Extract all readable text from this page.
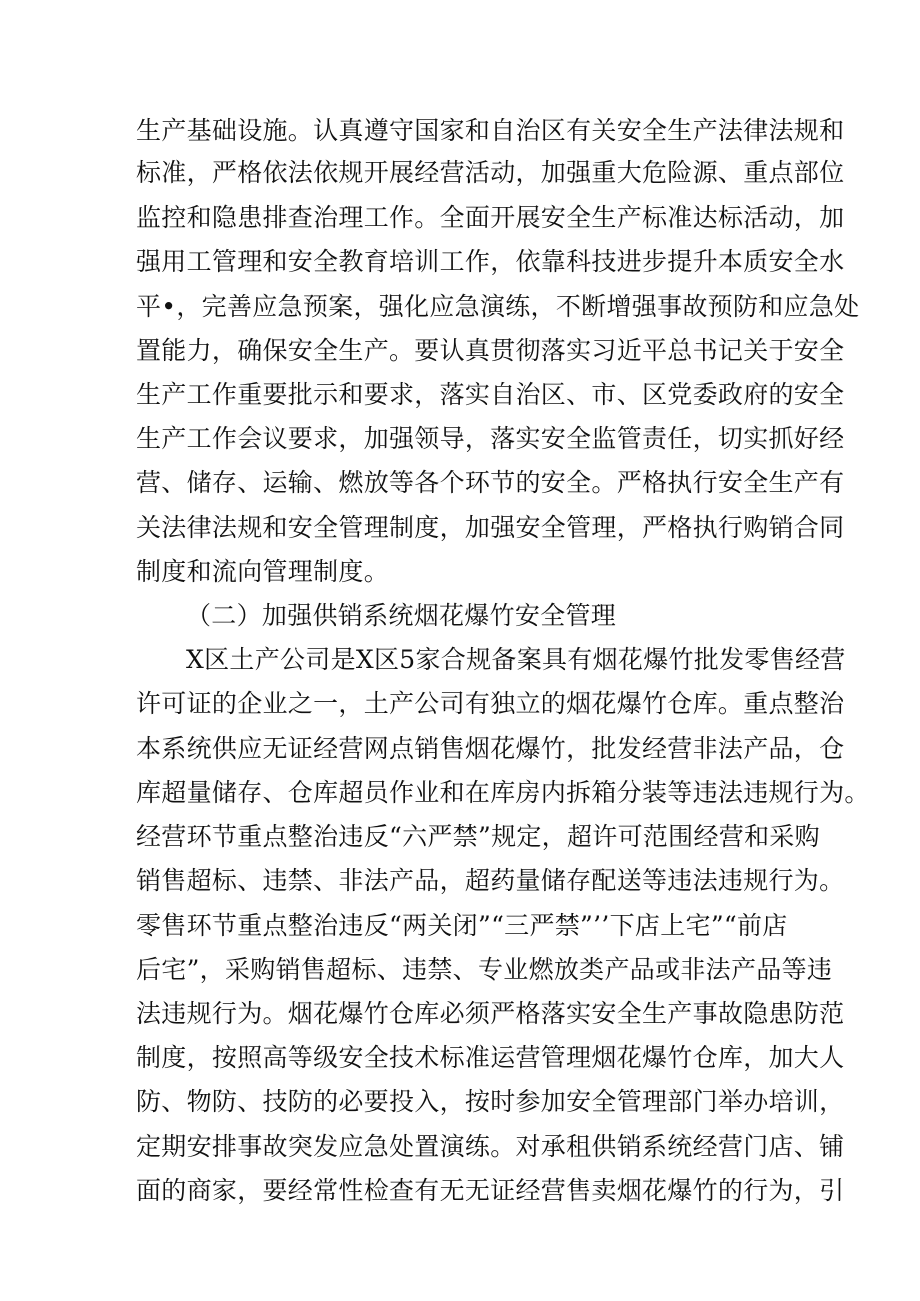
生产基础设施。认真遵守国家和自治区有关安全生产法律法规和
标准，严格依法依规开展经营活动，加强重大危险源、重点部位
监控和隐患排查治理工作。全面开展安全生产标准达标活动，加
强用工管理和安全教育培训工作，依靠科技进步提升本质安全水
平•，完善应急预案，强化应急演练，不断增强事故预防和应急处
置能力，确保安全生产。要认真贯彻落实习近平总书记关于安全
生产工作重要批示和要求，落实自治区、市、区党委政府的安全
生产工作会议要求，加强领导，落实安全监管责任，切实抓好经
营、储存、运输、燃放等各个环节的安全。严格执行安全生产有
关法律法规和安全管理制度，加强安全管理，严格执行购销合同
制度和流向管理制度。
（二）加强供销系统烟花爆竹安全管理
X区土产公司是X区5家合规备案具有烟花爆竹批发零售经营
许可证的企业之一，土产公司有独立的烟花爆竹仓库。重点整治
本系统供应无证经营网点销售烟花爆竹，批发经营非法产品，仓
库超量储存、仓库超员作业和在库房内拆箱分装等违法违规行为。
经营环节重点整治违反“六严禁”规定，超许可范围经营和采购
销售超标、违禁、非法产品，超药量储存配送等违法违规行为。
零售环节重点整治违反“两关闭”“三严禁”’’下店上宅”“前店
后宅”，采购销售超标、违禁、专业燃放类产品或非法产品等违
法违规行为。烟花爆竹仓库必须严格落实安全生产事故隐患防范
制度，按照高等级安全技术标准运营管理烟花爆竹仓库，加大人
防、物防、技防的必要投入，按时参加安全管理部门举办培训，
定期安排事故突发应急处置演练。对承租供销系统经营门店、铺
面的商家，要经常性检查有无无证经营售卖烟花爆竹的行为，引
